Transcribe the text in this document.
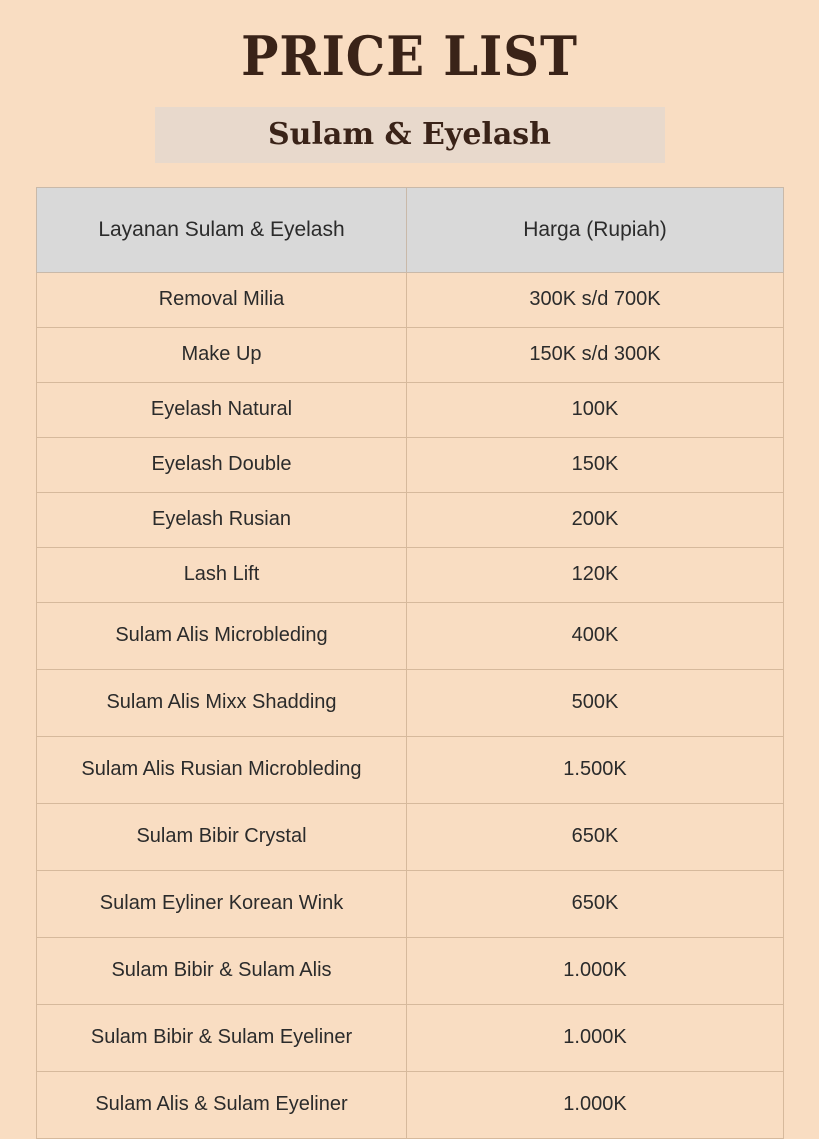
PRICE LIST
Sulam & Eyelash
Layanan Sulam & Eyelash	Harga (Rupiah)
Removal Milia	300K s/d 700K
Make Up	150K s/d 300K
Eyelash Natural	100K
Eyelash Double	150K
Eyelash Rusian	200K
Lash Lift	120K
Sulam Alis Microbleding	400K
Sulam Alis Mixx Shadding	500K
Sulam Alis Rusian Microbleding	1.500K
Sulam Bibir Crystal	650K
Sulam Eyliner Korean Wink	650K
Sulam Bibir & Sulam Alis	1.000K
Sulam Bibir & Sulam Eyeliner	1.000K
Sulam Alis & Sulam Eyeliner	1.000K
